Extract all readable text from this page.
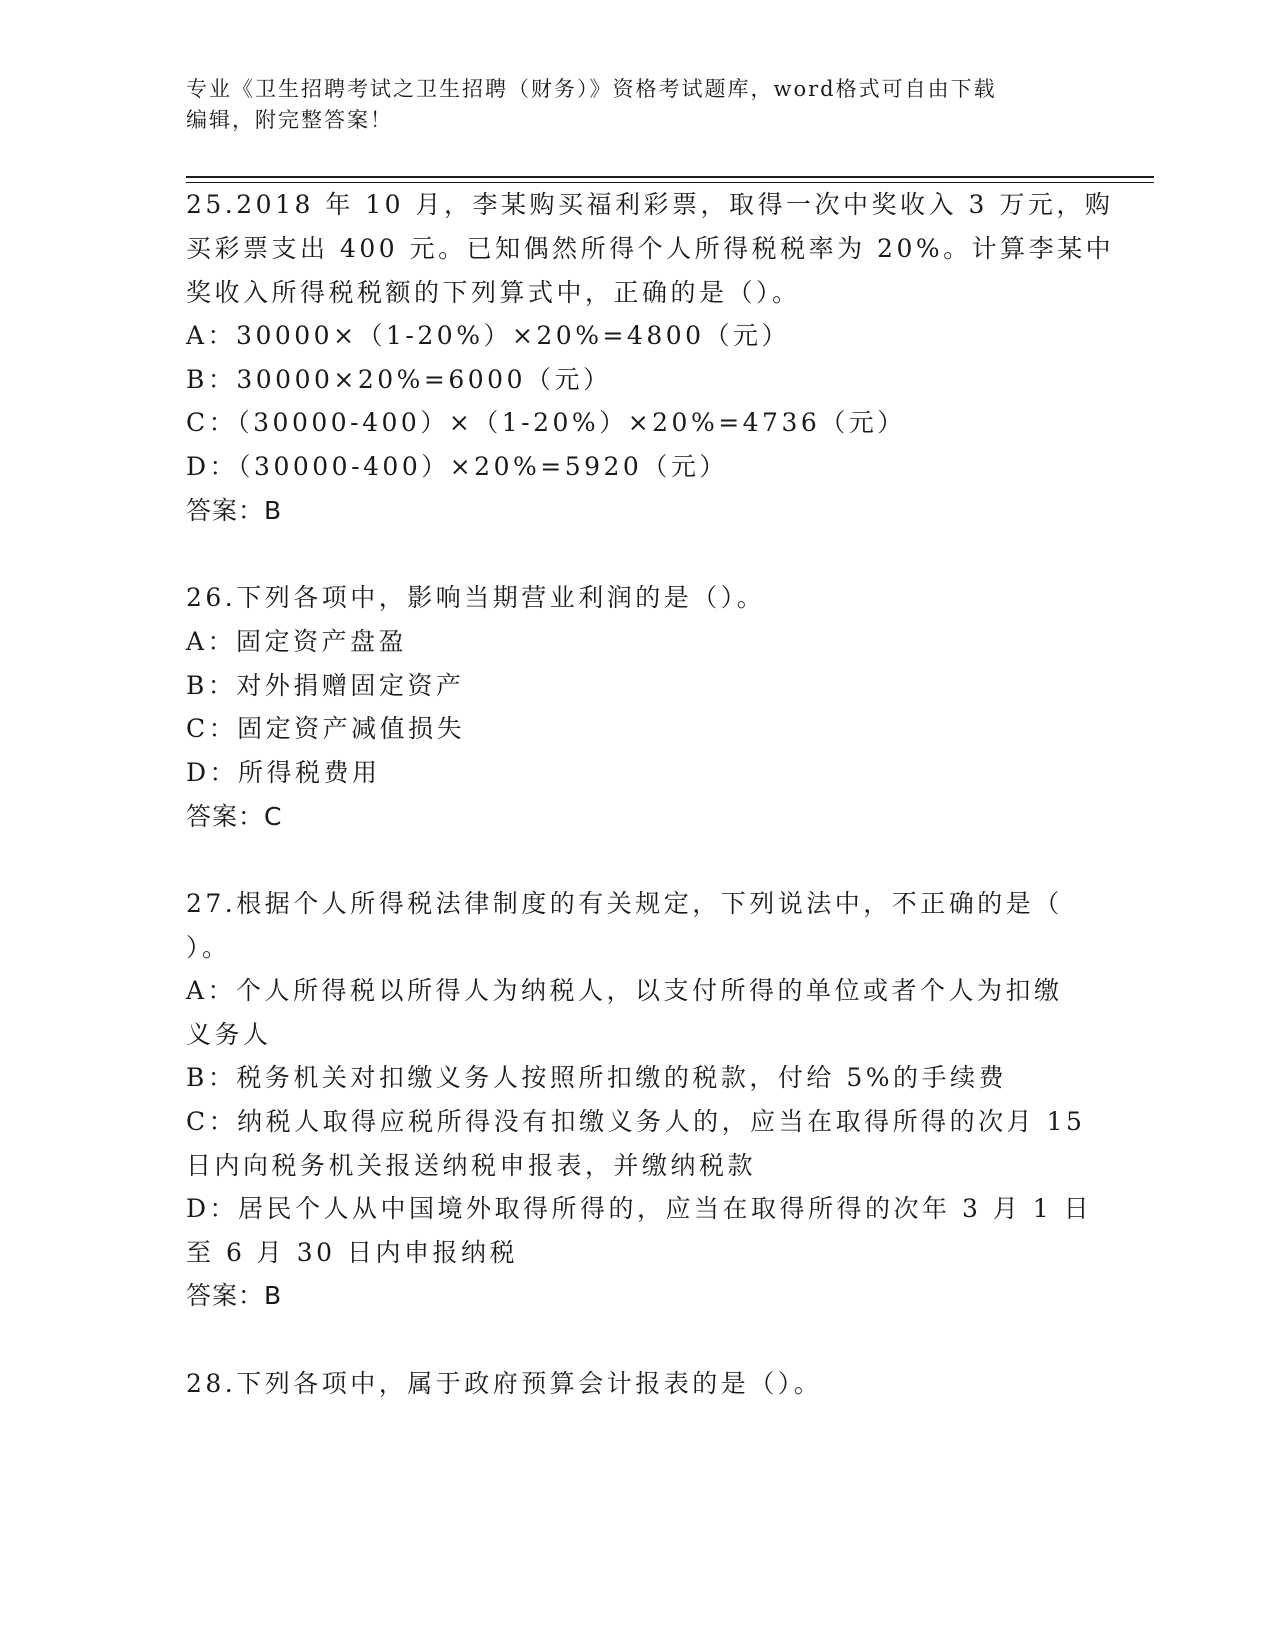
专业《卫生招聘考试之卫生招聘（财务）》资格考试题库，word格式可自由下载
编辑，附完整答案！
25.2018 年 10 月，李某购买福利彩票，取得一次中奖收入 3 万元，购
买彩票支出 400 元。已知偶然所得个人所得税税率为 20%。计算李某中
奖收入所得税税额的下列算式中，正确的是（）。
A：30000×（1-20%）×20%=4800（元）
B：30000×20%=6000（元）
C：（30000-400）×（1-20%）×20%=4736（元）
D：（30000-400）×20%=5920（元）
答案：B
26.下列各项中，影响当期营业利润的是（）。
A：固定资产盘盈
B：对外捐赠固定资产
C：固定资产减值损失
D：所得税费用
答案：C
27.根据个人所得税法律制度的有关规定，下列说法中，不正确的是（
）。
A：个人所得税以所得人为纳税人，以支付所得的单位或者个人为扣缴
义务人
B：税务机关对扣缴义务人按照所扣缴的税款，付给 5%的手续费
C：纳税人取得应税所得没有扣缴义务人的，应当在取得所得的次月 15
日内向税务机关报送纳税申报表，并缴纳税款
D：居民个人从中国境外取得所得的，应当在取得所得的次年 3 月 1 日
至 6 月 30 日内申报纳税
答案：B
28.下列各项中，属于政府预算会计报表的是（）。
